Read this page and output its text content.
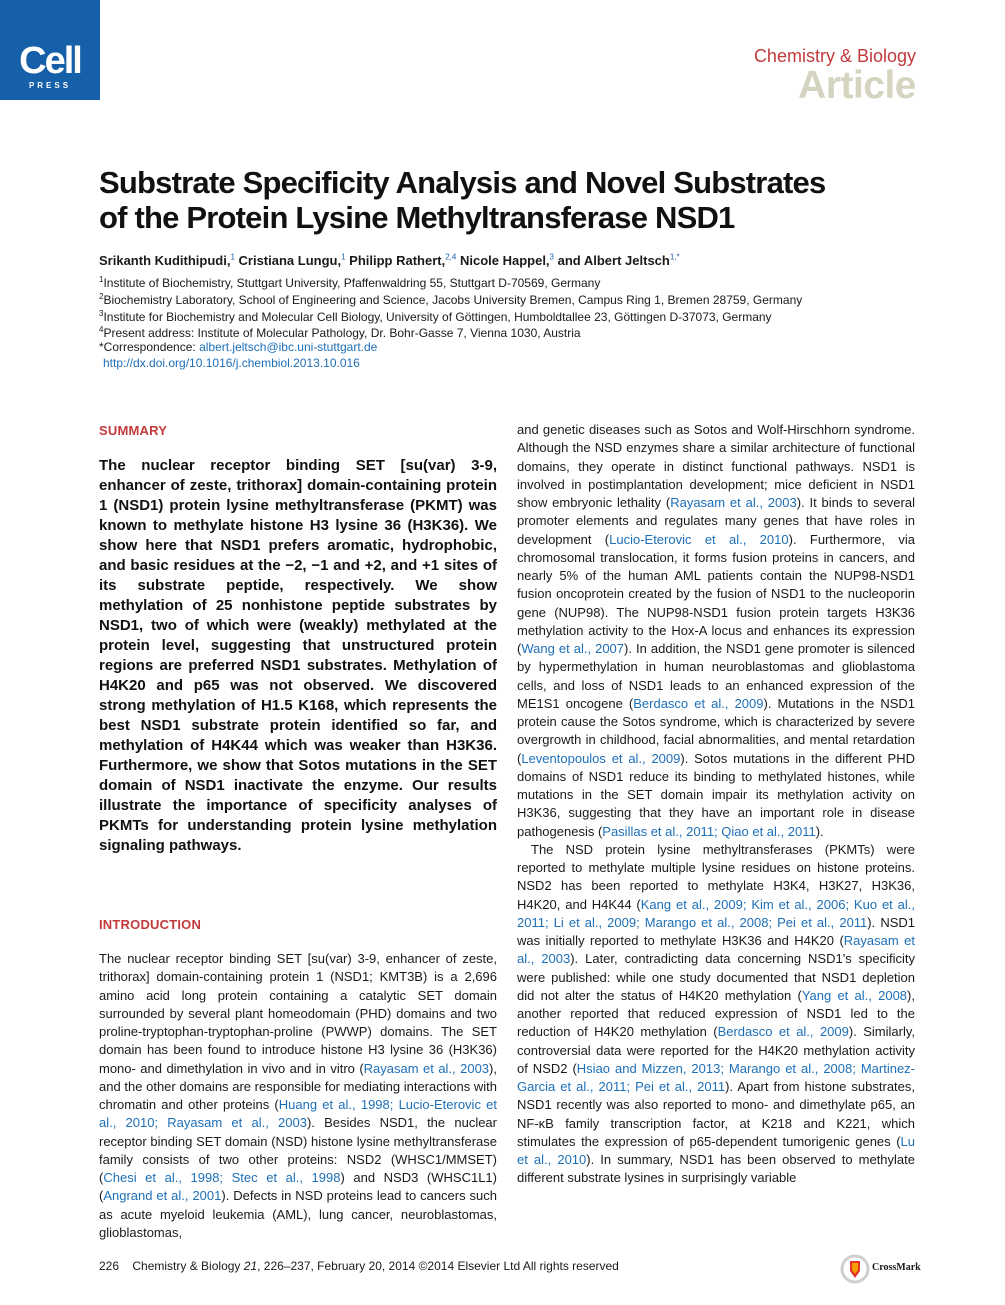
Cell
PRESS
Chemistry & Biology
Article
Substrate Specificity Analysis and Novel Substrates
of the Protein Lysine Methyltransferase NSD1
Srikanth Kudithipudi,$^1$ Cristiana Lungu,$^1$ Philipp Rathert,$^{2,4}$ Nicole Happel,$^3$ and Albert Jeltsch$^{1,*}$
$^1$Institute of Biochemistry, Stuttgart University, Pfaffenwaldring 55, Stuttgart D-70569, Germany
$^2$Biochemistry Laboratory, School of Engineering and Science, Jacobs University Bremen, Campus Ring 1, Bremen 28759, Germany
$^3$Institute for Biochemistry and Molecular Cell Biology, University of Göttingen, Humboldtallee 23, Göttingen D-37073, Germany
$^4$Present address: Institute of Molecular Pathology, Dr. Bohr-Gasse 7, Vienna 1030, Austria
*Correspondence: albert.jeltsch@ibc.uni-stuttgart.de
http://dx.doi.org/10.1016/j.chembiol.2013.10.016
SUMMARY
The nuclear receptor binding SET [su(var) 3-9, enhancer of zeste, trithorax] domain-containing protein 1 (NSD1) protein lysine methyltransferase (PKMT) was known to methylate histone H3 lysine 36 (H3K36). We show here that NSD1 prefers aromatic, hydrophobic, and basic residues at the −2, −1 and +2, and +1 sites of its substrate peptide, respectively. We show methylation of 25 nonhistone peptide substrates by NSD1, two of which were (weakly) methylated at the protein level, suggesting that unstructured protein regions are preferred NSD1 substrates. Methylation of H4K20 and p65 was not observed. We discovered strong methylation of H1.5 K168, which represents the best NSD1 substrate protein identified so far, and methylation of H4K44 which was weaker than H3K36. Furthermore, we show that Sotos mutations in the SET domain of NSD1 inactivate the enzyme. Our results illustrate the importance of specificity analyses of PKMTs for understanding protein lysine methylation signaling pathways.
INTRODUCTION

The nuclear receptor binding SET [su(var) 3-9, enhancer of zeste, trithorax] domain-containing protein 1 (NSD1; KMT3B) is a 2,696 amino acid long protein containing a catalytic SET domain surrounded by several plant homeodomain (PHD) domains and two proline-tryptophan-tryptophan-proline (PWWP) domains. The SET domain has been found to introduce histone H3 lysine 36 (H3K36) mono- and dimethylation in vivo and in vitro (Rayasam et al., 2003), and the other domains are responsible for mediating interactions with chromatin and other proteins (Huang et al., 1998; Lucio-Eterovic et al., 2010; Rayasam et al., 2003). Besides NSD1, the nuclear receptor binding SET domain (NSD) histone lysine methyltransferase family consists of two other proteins: NSD2 (WHSC1/MMSET) (Chesi et al., 1998; Stec et al., 1998) and NSD3 (WHSC1L1) (Angrand et al., 2001). Defects in NSD proteins lead to cancers such as acute myeloid leukemia (AML), lung cancer, neuroblastomas, glioblastomas,

and genetic diseases such as Sotos and Wolf-Hirschhorn syndrome. Although the NSD enzymes share a similar architecture of functional domains, they operate in distinct functional pathways. NSD1 is involved in postimplantation development; mice deficient in NSD1 show embryonic lethality (Rayasam et al., 2003). It binds to several promoter elements and regulates many genes that have roles in development (Lucio-Eterovic et al., 2010). Furthermore, via chromosomal translocation, it forms fusion proteins in cancers, and nearly 5% of the human AML patients contain the NUP98-NSD1 fusion oncoprotein created by the fusion of NSD1 to the nucleoporin gene (NUP98). The NUP98-NSD1 fusion protein targets H3K36 methylation activity to the Hox-A locus and enhances its expression (Wang et al., 2007). In addition, the NSD1 gene promoter is silenced by hypermethylation in human neuroblastomas and glioblastoma cells, and loss of NSD1 leads to an enhanced expression of the ME1S1 oncogene (Berdasco et al., 2009). Mutations in the NSD1 protein cause the Sotos syndrome, which is characterized by severe overgrowth in childhood, facial abnormalities, and mental retardation (Leventopoulos et al., 2009). Sotos mutations in the different PHD domains of NSD1 reduce its binding to methylated histones, while mutations in the SET domain impair its methylation activity on H3K36, suggesting that they have an important role in disease pathogenesis (Pasillas et al., 2011; Qiao et al., 2011).

The NSD protein lysine methyltransferases (PKMTs) were reported to methylate multiple lysine residues on histone proteins. NSD2 has been reported to methylate H3K4, H3K27, H3K36, H4K20, and H4K44 (Kang et al., 2009; Kim et al., 2006; Kuo et al., 2011; Li et al., 2009; Marango et al., 2008; Pei et al., 2011). NSD1 was initially reported to methylate H3K36 and H4K20 (Rayasam et al., 2003). Later, contradicting data concerning NSD1's specificity were published: while one study documented that NSD1 depletion did not alter the status of H4K20 methylation (Yang et al., 2008), another reported that reduced expression of NSD1 led to the reduction of H4K20 methylation (Berdasco et al., 2009). Similarly, controversial data were reported for the H4K20 methylation activity of NSD2 (Hsiao and Mizzen, 2013; Marango et al., 2008; Martinez-Garcia et al., 2011; Pei et al., 2011). Apart from histone substrates, NSD1 recently was also reported to mono- and dimethylate p65, an NF-κB family transcription factor, at K218 and K221, which stimulates the expression of p65-dependent tumorigenic genes (Lu et al., 2010). In summary, NSD1 has been observed to methylate different substrate lysines in surprisingly variable

226 Chemistry & Biology 21, 226–237, February 20, 2014 ©2014 Elsevier Ltd All rights reserved	CrossMark
